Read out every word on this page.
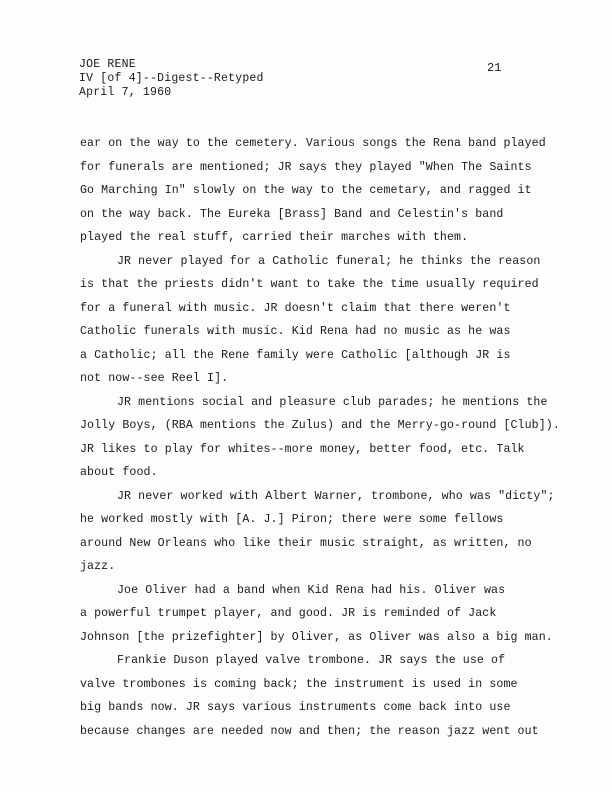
JOE RENE
IV [of 4]--Digest--Retyped
April 7, 1960
21
ear on the way to the cemetery. Various songs the Rena band played
for funerals are mentioned; JR says they played "When The Saints
Go Marching In" slowly on the way to the cemetary, and ragged it
on the way back. The Eureka [Brass] Band and Celestin's band
played the real stuff, carried their marches with them.
JR never played for a Catholic funeral; he thinks the reason
is that the priests didn't want to take the time usually required
for a funeral with music. JR doesn't claim that there weren't
Catholic funerals with music. Kid Rena had no music as he was
a Catholic; all the Rene family were Catholic [although JR is
not now--see Reel I].
JR mentions social and pleasure club parades; he mentions the
Jolly Boys, (RBA mentions the Zulus) and the Merry-go-round [Club]).
JR likes to play for whites--more money, better food, etc. Talk
about food.
JR never worked with Albert Warner, trombone, who was "dicty";
he worked mostly with [A. J.] Piron; there were some fellows
around New Orleans who like their music straight, as written, no
jazz.
Joe Oliver had a band when Kid Rena had his. Oliver was
a powerful trumpet player, and good. JR is reminded of Jack
Johnson [the prizefighter] by Oliver, as Oliver was also a big man.
Frankie Duson played valve trombone. JR says the use of
valve trombones is coming back; the instrument is used in some
big bands now. JR says various instruments come back into use
because changes are needed now and then; the reason jazz went out
